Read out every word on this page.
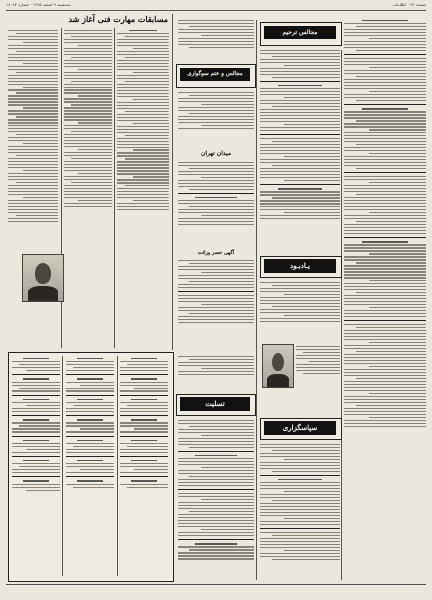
صفحه ۲۲ - اطلاعات
سه‌شنبه ۹ اسفند ۱۳۶۵ - شماره ۱۸۰۸۳
مسابقات مهارت فنی آغاز شد
مجالس و ختم سوگواری
میدان تهران
آگهی حصر وراثت
مجالس ترحیم
یـادبـود
تسلیت
سپاسگزاری
